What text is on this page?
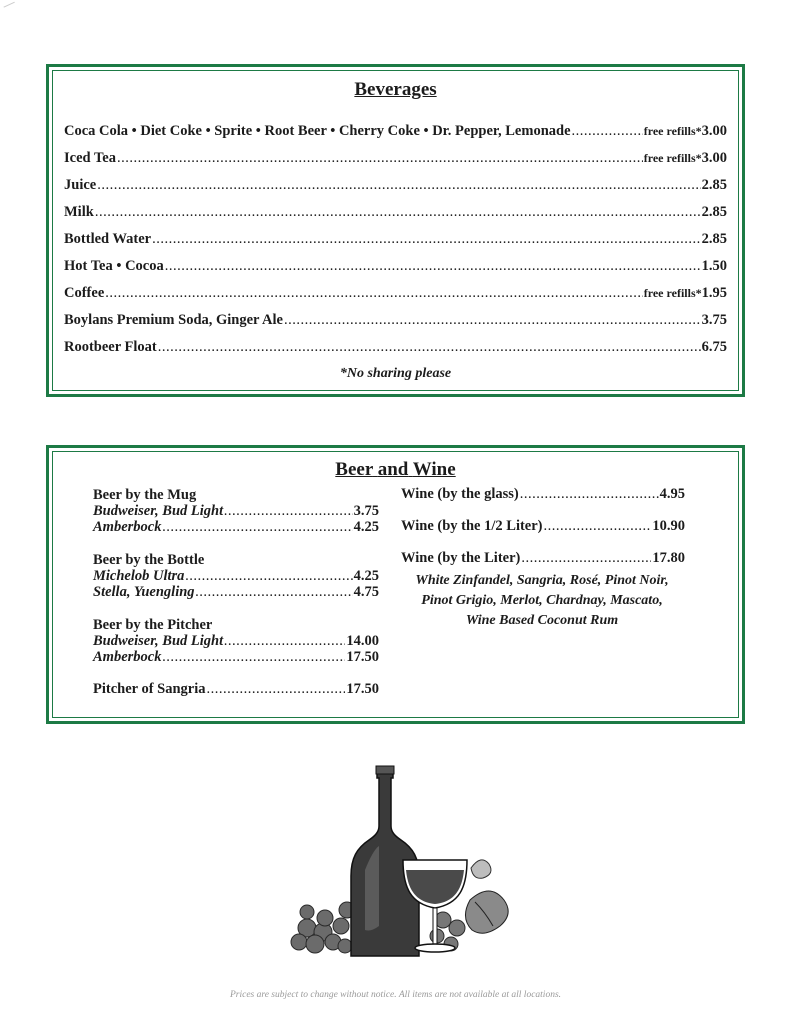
Beverages
Coca Cola • Diet Coke • Sprite • Root Beer • Cherry Coke • Dr. Pepper, Lemonade .....	free refills* 3.00
Iced Tea .....	free refills* 3.00
Juice .....	2.85
Milk .....	2.85
Bottled Water .....	2.85
Hot Tea • Cocoa .....	1.50
Coffee .....	free refills* 1.95
Boylans Premium Soda, Ginger Ale .....	3.75
Rootbeer Float .....	6.75
*No sharing please
Beer and Wine
Beer by the Mug
Budweiser, Bud Light .....	3.75
Amberbock .....	4.25
Beer by the Bottle
Michelob Ultra .....	4.25
Stella, Yuengling .....	4.75
Beer by the Pitcher
Budweiser, Bud Light .....	14.00
Amberbock .....	17.50
Pitcher of Sangria .....	17.50
Wine (by the glass) .....	4.95
Wine (by the 1/2 Liter) .....	10.90
Wine (by the Liter) .....	17.80
White Zinfandel, Sangria, Rosé, Pinot Noir,
Pinot Grigio, Merlot, Chardnay, Mascato,
Wine Based Coconut Rum
Prices are subject to change without notice. All items are not available at all locations.
